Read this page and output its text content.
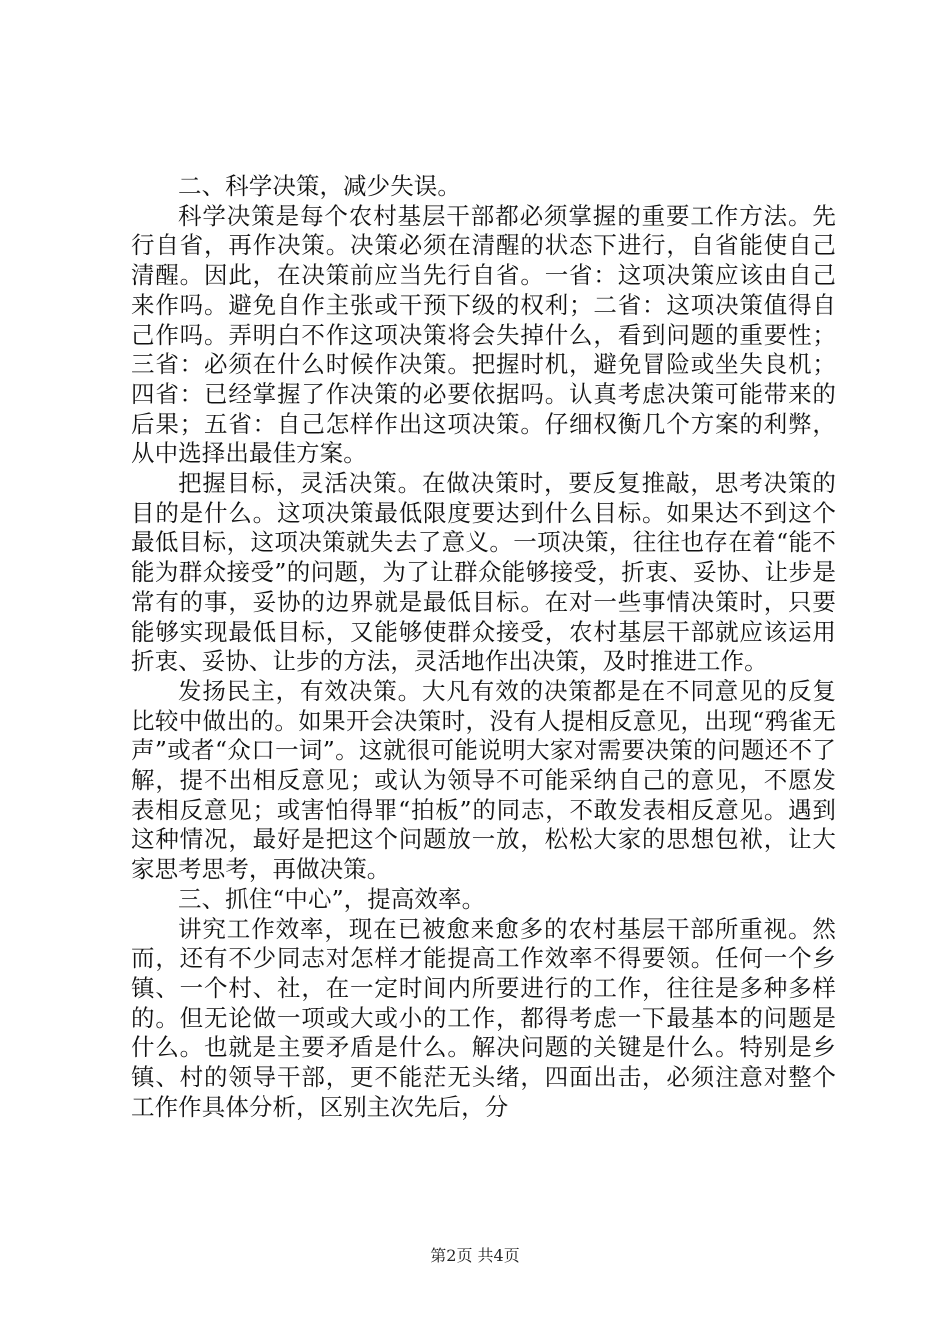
二、科学决策，减少失误。

科学决策是每个农村基层干部都必须掌握的重要工作方法。先行自省，再作决策。决策必须在清醒的状态下进行，自省能使自己清醒。因此，在决策前应当先行自省。一省：这项决策应该由自己来作吗。避免自作主张或干预下级的权利；二省：这项决策值得自己作吗。弄明白不作这项决策将会失掉什么，看到问题的重要性；三省：必须在什么时候作决策。把握时机，避免冒险或坐失良机；四省：已经掌握了作决策的必要依据吗。认真考虑决策可能带来的后果；五省：自己怎样作出这项决策。仔细权衡几个方案的利弊，从中选择出最佳方案。

把握目标，灵活决策。在做决策时，要反复推敲，思考决策的目的是什么。这项决策最低限度要达到什么目标。如果达不到这个最低目标，这项决策就失去了意义。一项决策，往往也存在着“能不能为群众接受”的问题，为了让群众能够接受，折衷、妥协、让步是常有的事，妥协的边界就是最低目标。在对一些事情决策时，只要能够实现最低目标，又能够使群众接受，农村基层干部就应该运用折衷、妥协、让步的方法，灵活地作出决策，及时推进工作。

发扬民主，有效决策。大凡有效的决策都是在不同意见的反复比较中做出的。如果开会决策时，没有人提相反意见，出现“鸦雀无声”或者“众口一词”。这就很可能说明大家对需要决策的问题还不了解，提不出相反意见；或认为领导不可能采纳自己的意见，不愿发表相反意见；或害怕得罪“拍板”的同志，不敢发表相反意见。遇到这种情况，最好是把这个问题放一放，松松大家的思想包袱，让大家思考思考，再做决策。

三、抓住“中心”，提高效率。

讲究工作效率，现在已被愈来愈多的农村基层干部所重视。然而，还有不少同志对怎样才能提高工作效率不得要领。任何一个乡镇、一个村、社，在一定时间内所要进行的工作，往往是多种多样的。但无论做一项或大或小的工作，都得考虑一下最基本的问题是什么。也就是主要矛盾是什么。解决问题的关键是什么。特别是乡镇、村的领导干部，更不能茫无头绪，四面出击，必须注意对整个工作作具体分析，区别主次先后，分

第2页 共4页
